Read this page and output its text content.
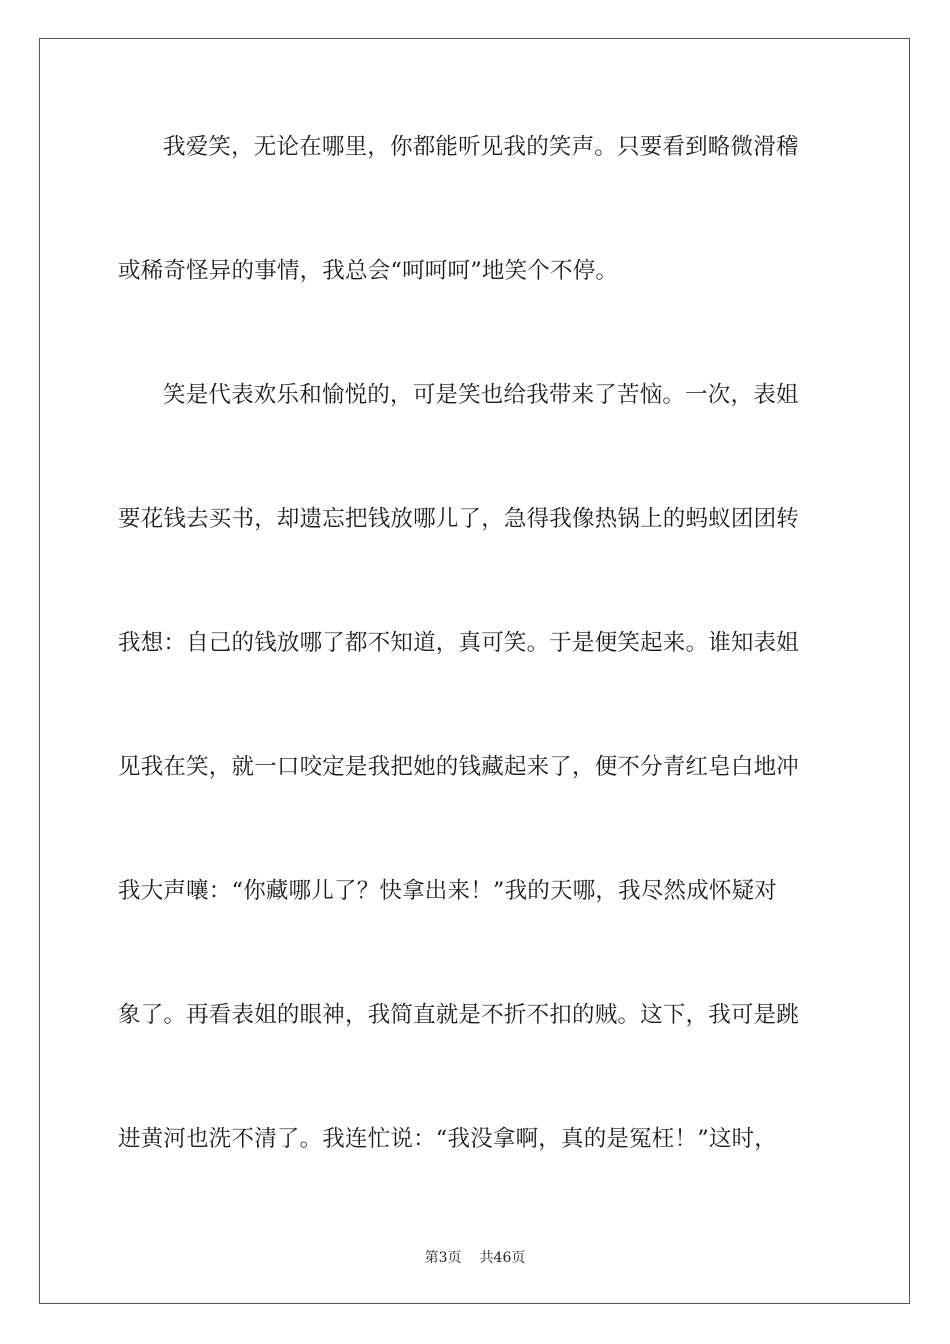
我爱笑，无论在哪里，你都能听见我的笑声。只要看到略微滑稽
或稀奇怪异的事情，我总会“呵呵呵”地笑个不停。
笑是代表欢乐和愉悦的，可是笑也给我带来了苦恼。一次，表姐
要花钱去买书，却遗忘把钱放哪儿了，急得我像热锅上的蚂蚁团团转
我想：自己的钱放哪了都不知道，真可笑。于是便笑起来。谁知表姐
见我在笑，就一口咬定是我把她的钱藏起来了，便不分青红皂白地冲
我大声嚷：“你藏哪儿了？快拿出来！”我的天哪，我尽然成怀疑对
象了。再看表姐的眼神，我简直就是不折不扣的贼。这下，我可是跳
进黄河也洗不清了。我连忙说：“我没拿啊，真的是冤枉！”这时，
第3页 共46页
